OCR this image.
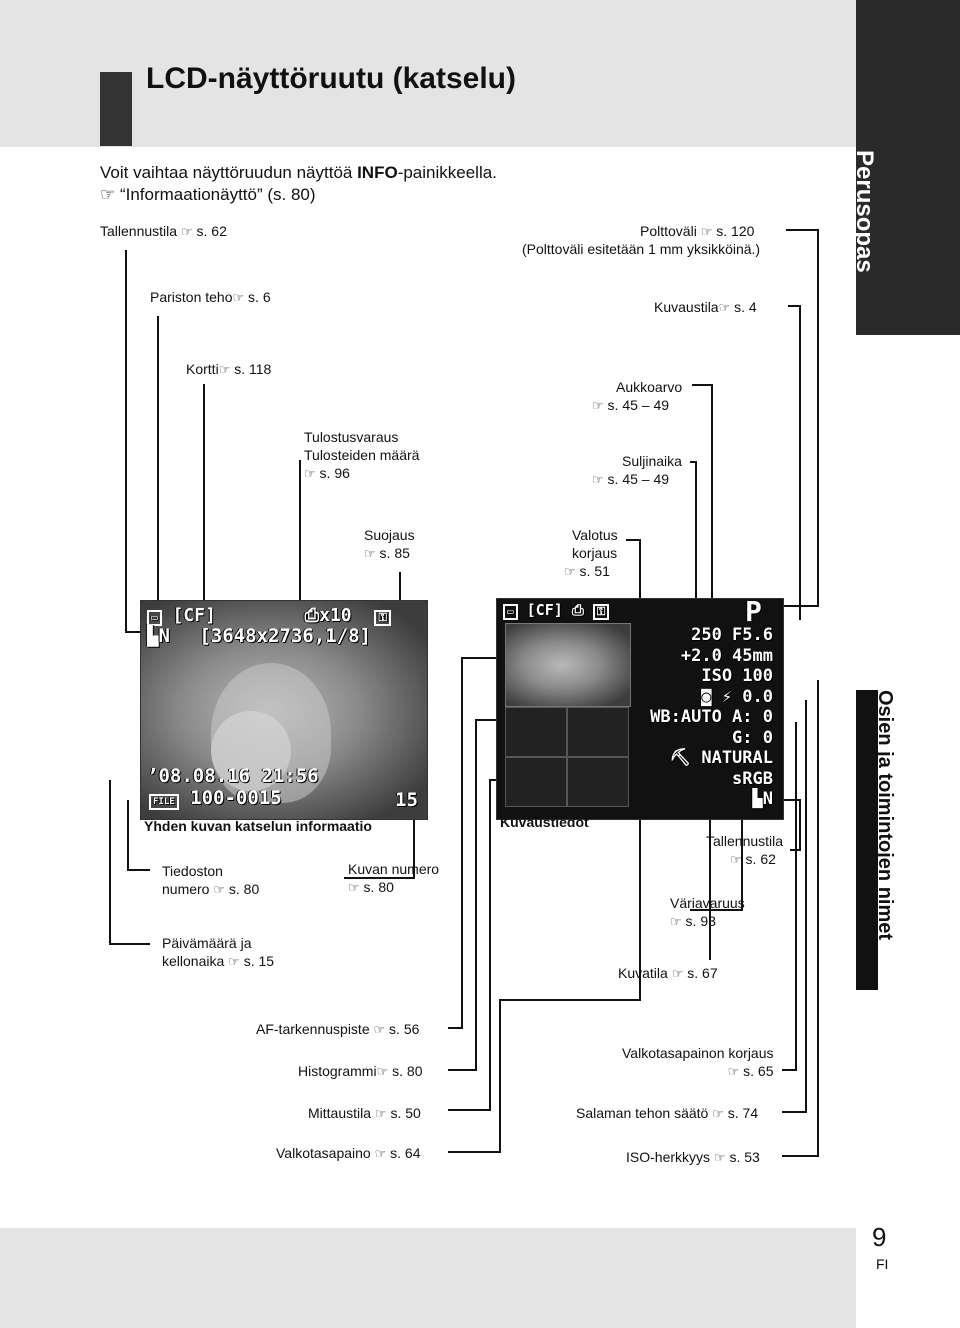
Perusopas
Osien ja toimintojen nimet
9
FI
LCD-näyttöruutu (katselu)
Voit vaihtaa näyttöruudun näyttöä INFO-painikkeella.
☞ “Informaationäyttö” (s. 80)
Tallennustila ☞ s. 62
Pariston teho☞ s. 6
Kortti☞ s. 118
Tulostusvaraus
Tulosteiden määrä
☞ s. 96
Suojaus
☞ s. 85
Polttoväli ☞ s. 120
(Polttoväli esitetään 1 mm yksikköinä.)
Kuvaustila☞ s. 4
Aukkoarvo
☞ s. 45 – 49
Suljinaika
☞ s. 45 – 49
Valotus
korjaus
☞ s. 51
▭ [CF]	⎙x10 ⚿
▙N [3648x2736,1/8]
’08.08.16 21:56
FILE 100-0015	15
Yhden kuvan katselun informaatio
▭ [CF] ⎙ ⚿	P
250 F5.6
+2.0 45mm
ISO 100
◙ ⚡ 0.0
WB:AUTO A: 0
G: 0
⛏ NATURAL
sRGB
▙N
Kuvaustiedot
Tiedoston
numero ☞ s. 80
Kuvan numero
☞ s. 80
Päivämäärä ja
kellonaika ☞ s. 15
Tallennustila
☞ s. 62
Väriavaruus
☞ s. 93
Kuvatila ☞ s. 67
AF-tarkennuspiste ☞ s. 56
Histogrammi☞ s. 80
Mittaustila ☞ s. 50
Valkotasapaino ☞ s. 64
Valkotasapainon korjaus
☞ s. 65
Salaman tehon säätö ☞ s. 74
ISO-herkkyys ☞ s. 53
